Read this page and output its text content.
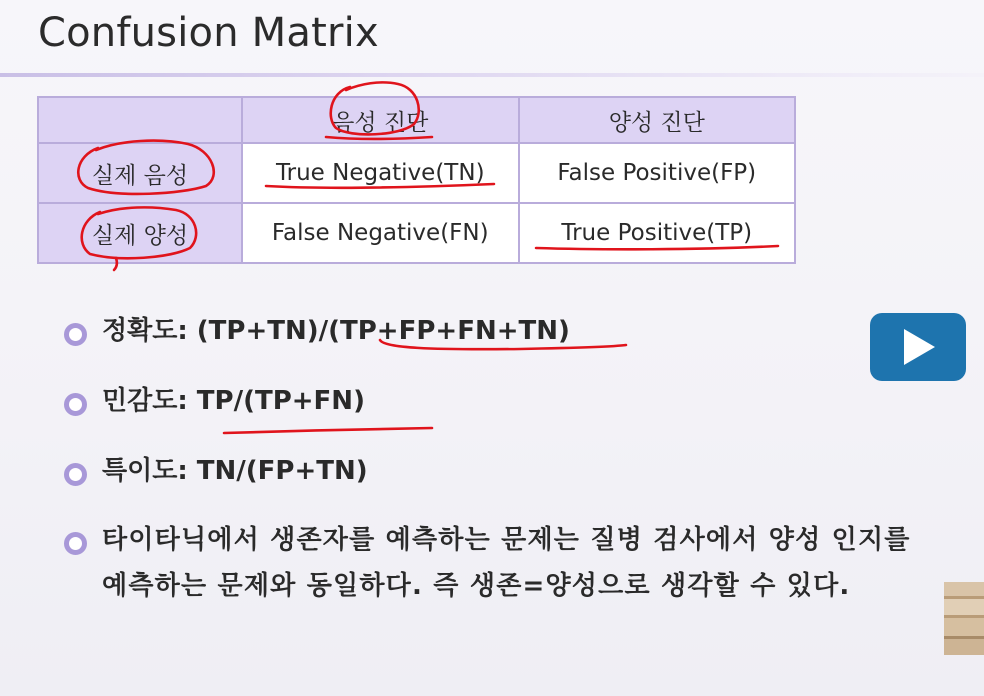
Confusion Matrix
	음성 진단	양성 진단
실제 음성	True Negative(TN)	False Positive(FP)
실제 양성	False Negative(FN)	True Positive(TP)
정확도: (TP+TN)/(TP+FP+FN+TN)
민감도: TP/(TP+FN)
특이도: TN/(FP+TN)
타이타닉에서 생존자를 예측하는 문제는 질병 검사에서 양성 인지를 예측하는 문제와 동일하다. 즉 생존=양성으로 생각할 수 있다.
